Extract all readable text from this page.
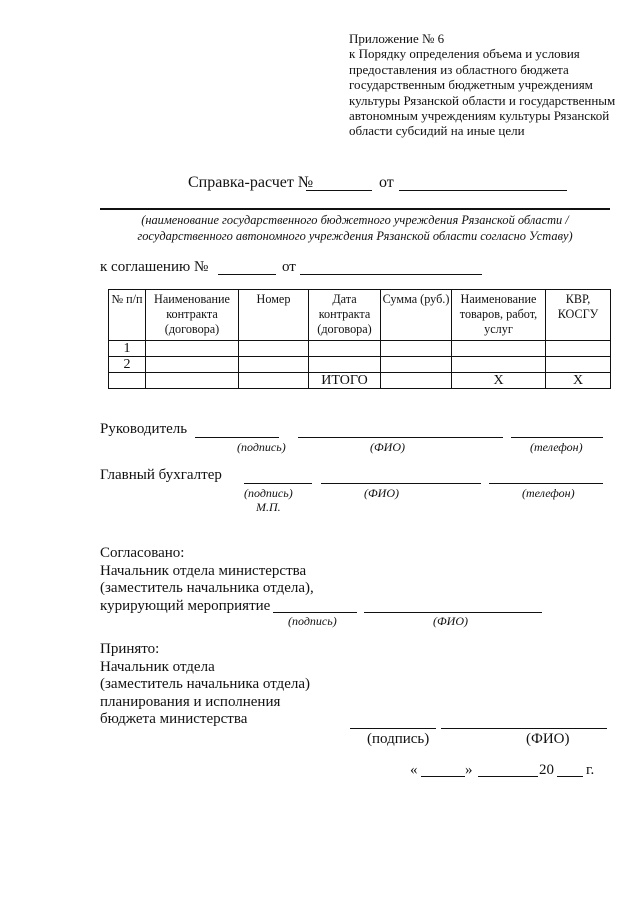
Приложение № 6
к Порядку определения объема и условия
предоставления из областного бюджета
государственным бюджетным учреждениям
культуры Рязанской области и государственным
автономным учреждениям культуры Рязанской
области субсидий на иные цели
Справка-расчет №	от
(наименование государственного бюджетного учреждения Рязанской области /
государственного автономного учреждения Рязанской области согласно Уставу)
к соглашению №	от
№ п/п	Наименование контракта (договора)	Номер	Дата контракта (договора)	Сумма (руб.)	Наименование товаров, работ, услуг	КВР, КОСГУ
1						
2						
			ИТОГО		X	X
Руководитель
(подпись)	(ФИО)	(телефон)
Главный бухгалтер
(подпись)	(ФИО)	(телефон)
М.П.
Согласовано:
Начальник отдела министерства
(заместитель начальника отдела),
курирующий мероприятие
(подпись)	(ФИО)
Принято:
Начальник отдела
(заместитель начальника отдела)
планирования и исполнения
бюджета министерства
(подпись)	(ФИО)
«	»	20 г.
